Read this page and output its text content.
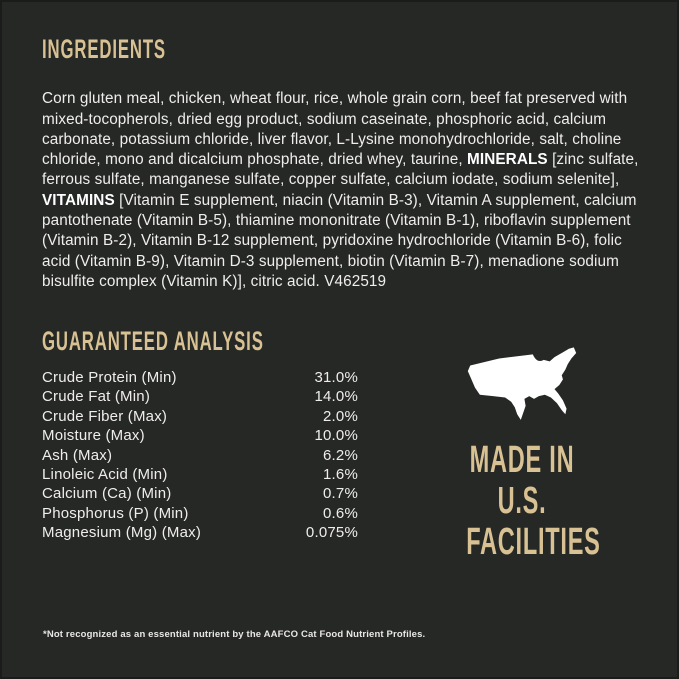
INGREDIENTS

Corn gluten meal, chicken, wheat flour, rice, whole grain corn, beef fat preserved with mixed-tocopherols, dried egg product, sodium caseinate, phosphoric acid, calcium carbonate, potassium chloride, liver flavor, L-Lysine monohydrochloride, salt, choline chloride, mono and dicalcium phosphate, dried whey, taurine, MINERALS [zinc sulfate, ferrous sulfate, manganese sulfate, copper sulfate, calcium iodate, sodium selenite], VITAMINS [Vitamin E supplement, niacin (Vitamin B-3), Vitamin A supplement, calcium pantothenate (Vitamin B-5), thiamine mononitrate (Vitamin B-1), riboflavin supplement (Vitamin B-2), Vitamin B-12 supplement, pyridoxine hydrochloride (Vitamin B-6), folic acid (Vitamin B-9), Vitamin D-3 supplement, biotin (Vitamin B-7), menadione sodium bisulfite complex (Vitamin K)], citric acid. V462519

GUARANTEED ANALYSIS
Crude Protein (Min)	31.0%
Crude Fat (Min)	14.0%
Crude Fiber (Max)	2.0%
Moisture (Max)	10.0%
Ash (Max)	6.2%
Linoleic Acid (Min)	1.6%
Calcium (Ca) (Min)	0.7%
Phosphorus (P) (Min)	0.6%
Magnesium (Mg) (Max)	0.075%
MADE IN
U.S.
FACILITIES
*Not recognized as an essential nutrient by the AAFCO Cat Food Nutrient Profiles.
